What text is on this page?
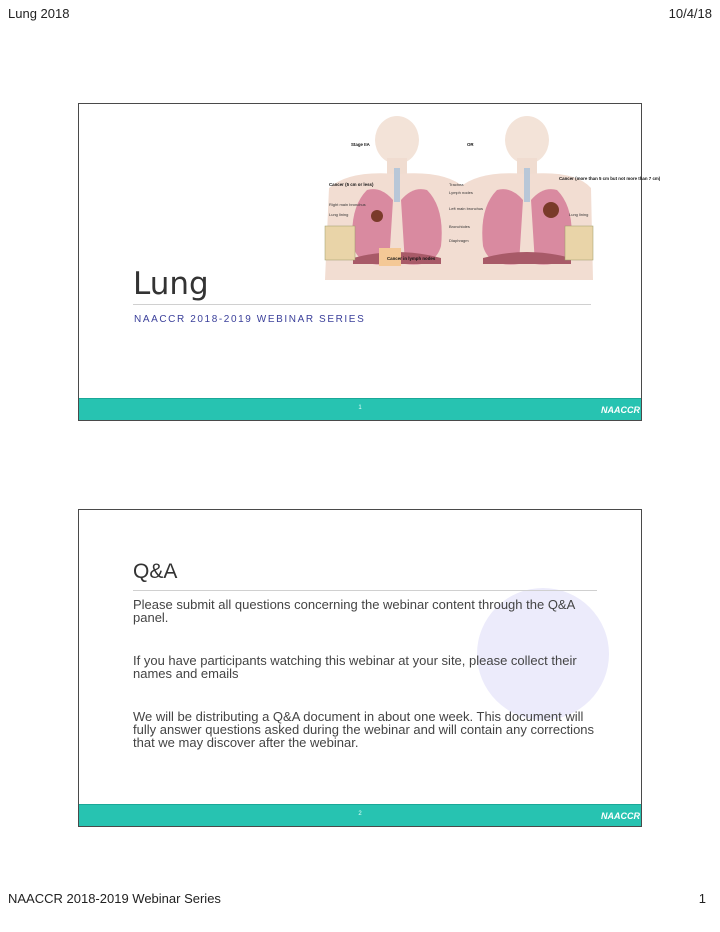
Lung 2018	10/4/18
Stage IIA	OR
Cancer (5 cm or less)
Cancer (more than 5 cm but not more than 7 cm)
Trachea
Lymph nodes
Right main bronchus
Left main bronchus
Lung lining	Lung lining
Bronchioles
Diaphragm
Cancer in lymph nodes
Lung
NAACCR 2018-2019 WEBINAR SERIES
1	NAACCR
Q&A
Please submit all questions concerning the webinar content through the Q&A panel.
If you have participants watching this webinar at your site, please collect their names and emails
We will be distributing a Q&A document in about one week. This document will fully answer questions asked during the webinar and will contain any corrections that we may discover after the webinar.
2	NAACCR
NAACCR 2018-2019 Webinar Series	1
